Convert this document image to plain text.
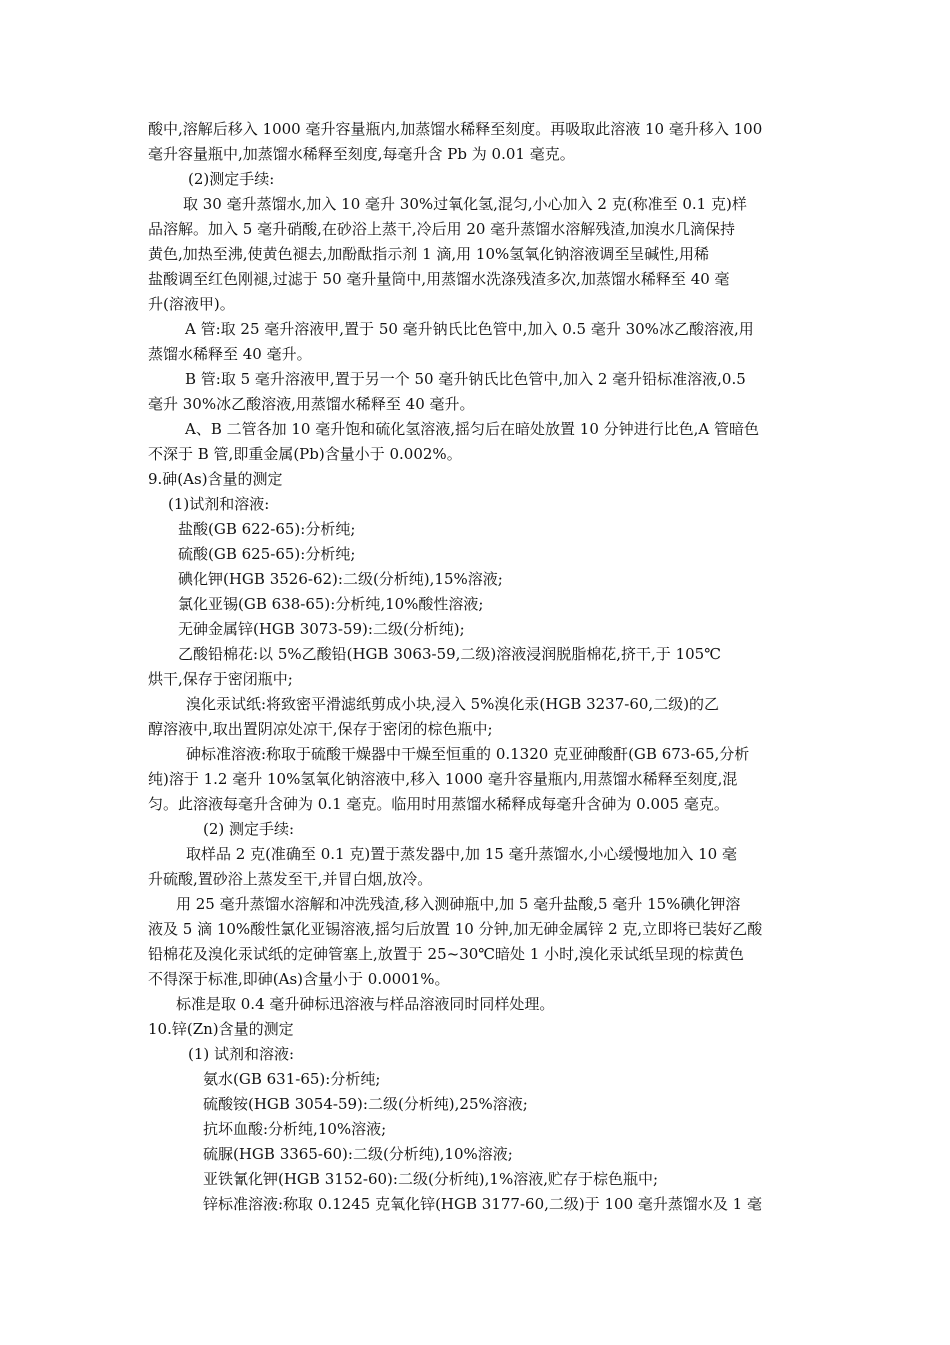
酸中,溶解后移入 1000 毫升容量瓶内,加蒸馏水稀释至刻度。再吸取此溶液 10 毫升移入 100
毫升容量瓶中,加蒸馏水稀释至刻度,每毫升含 Pb 为 0.01 毫克。
(2)测定手续:
取 30 毫升蒸馏水,加入 10 毫升 30%过氧化氢,混匀,小心加入 2 克(称准至 0.1 克)样
品溶解。加入 5 毫升硝酸,在砂浴上蒸干,冷后用 20 毫升蒸馏水溶解残渣,加溴水几滴保持
黄色,加热至沸,使黄色褪去,加酚酞指示剂 1 滴,用 10%氢氧化钠溶液调至呈碱性,用稀
盐酸调至红色刚褪,过滤于 50 毫升量筒中,用蒸馏水洗涤残渣多次,加蒸馏水稀释至 40 毫
升(溶液甲)。
A 管:取 25 毫升溶液甲,置于 50 毫升钠氏比色管中,加入 0.5 毫升 30%冰乙酸溶液,用
蒸馏水稀释至 40 毫升。
B 管:取 5 毫升溶液甲,置于另一个 50 毫升钠氏比色管中,加入 2 毫升铅标准溶液,0.5
毫升 30%冰乙酸溶液,用蒸馏水稀释至 40 毫升。
A、B 二管各加 10 毫升饱和硫化氢溶液,摇匀后在暗处放置 10 分钟进行比色,A 管暗色
不深于 B 管,即重金属(Pb)含量小于 0.002%。
9.砷(As)含量的测定
(1)试剂和溶液:
盐酸(GB 622-65):分析纯;
硫酸(GB 625-65):分析纯;
碘化钾(HGB 3526-62):二级(分析纯),15%溶液;
氯化亚锡(GB 638-65):分析纯,10%酸性溶液;
无砷金属锌(HGB 3073-59):二级(分析纯);
乙酸铅棉花:以 5%乙酸铅(HGB 3063-59,二级)溶液浸润脱脂棉花,挤干,于 105℃
烘干,保存于密闭瓶中;
溴化汞试纸:将致密平滑滤纸剪成小块,浸入 5%溴化汞(HGB 3237-60,二级)的乙
醇溶液中,取出置阴凉处凉干,保存于密闭的棕色瓶中;
砷标准溶液:称取于硫酸干燥器中干燥至恒重的 0.1320 克亚砷酸酐(GB 673-65,分析
纯)溶于 1.2 毫升 10%氢氧化钠溶液中,移入 1000 毫升容量瓶内,用蒸馏水稀释至刻度,混
匀。此溶液每毫升含砷为 0.1 毫克。临用时用蒸馏水稀释成每毫升含砷为 0.005 毫克。
(2) 测定手续:
取样品 2 克(准确至 0.1 克)置于蒸发器中,加 15 毫升蒸馏水,小心缓慢地加入 10 毫
升硫酸,置砂浴上蒸发至干,并冒白烟,放冷。
用 25 毫升蒸馏水溶解和冲洗残渣,移入测砷瓶中,加 5 毫升盐酸,5 毫升 15%碘化钾溶
液及 5 滴 10%酸性氯化亚锡溶液,摇匀后放置 10 分钟,加无砷金属锌 2 克,立即将已装好乙酸
铅棉花及溴化汞试纸的定砷管塞上,放置于 25~30℃暗处 1 小时,溴化汞试纸呈现的棕黄色
不得深于标准,即砷(As)含量小于 0.0001%。
标准是取 0.4 毫升砷标迅溶液与样品溶液同时同样处理。
10.锌(Zn)含量的测定
(1) 试剂和溶液:
氨水(GB 631-65):分析纯;
硫酸铵(HGB 3054-59):二级(分析纯),25%溶液;
抗坏血酸:分析纯,10%溶液;
硫脲(HGB 3365-60):二级(分析纯),10%溶液;
亚铁氰化钾(HGB 3152-60):二级(分析纯),1%溶液,贮存于棕色瓶中;
锌标准溶液:称取 0.1245 克氧化锌(HGB 3177-60,二级)于 100 毫升蒸馏水及 1 毫
